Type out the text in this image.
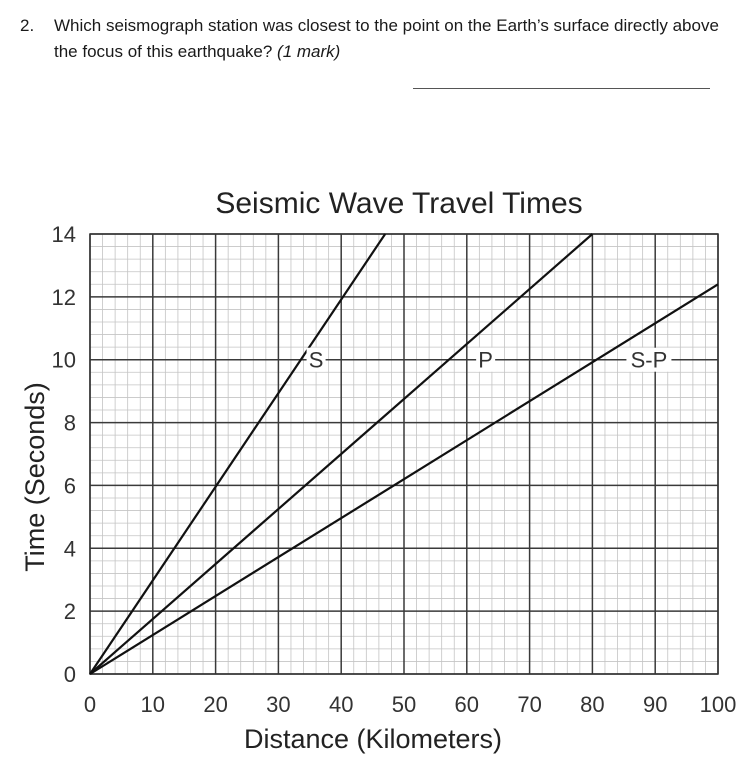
2. Which seismograph station was closest to the point on the Earth’s surface directly above the focus of this earthquake? (1 mark)
Seismic Wave Travel Times
0 10 20 30 40 50 60 70 80 90 100
0
2
4
6
8
10
12
14
S	P	S-P
Distance (Kilometers)
Time (Seconds)
